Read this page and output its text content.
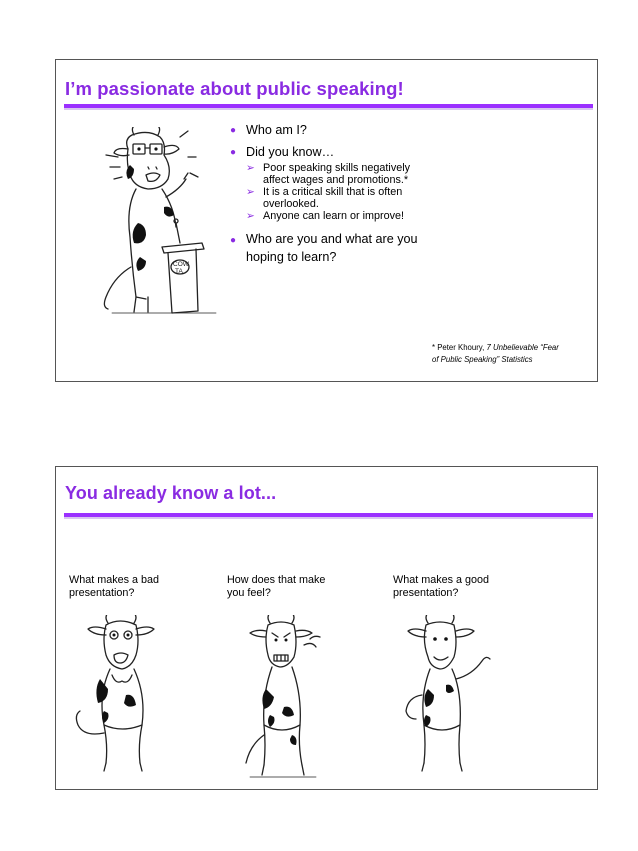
I’m passionate about public speaking!
COW
TA
● Who am I?
● Did you know…
➢ Poor speaking skills negatively
affect wages and promotions.*
➢ It is a critical skill that is often
overlooked.
➢ Anyone can learn or improve!
● Who are you and what are you
hoping to learn?
* Peter Khoury, 7 Unbelievable “Fear
of Public Speaking” Statistics
You already know a lot...
What makes a bad
presentation?
How does that make
you feel?
What makes a good
presentation?
